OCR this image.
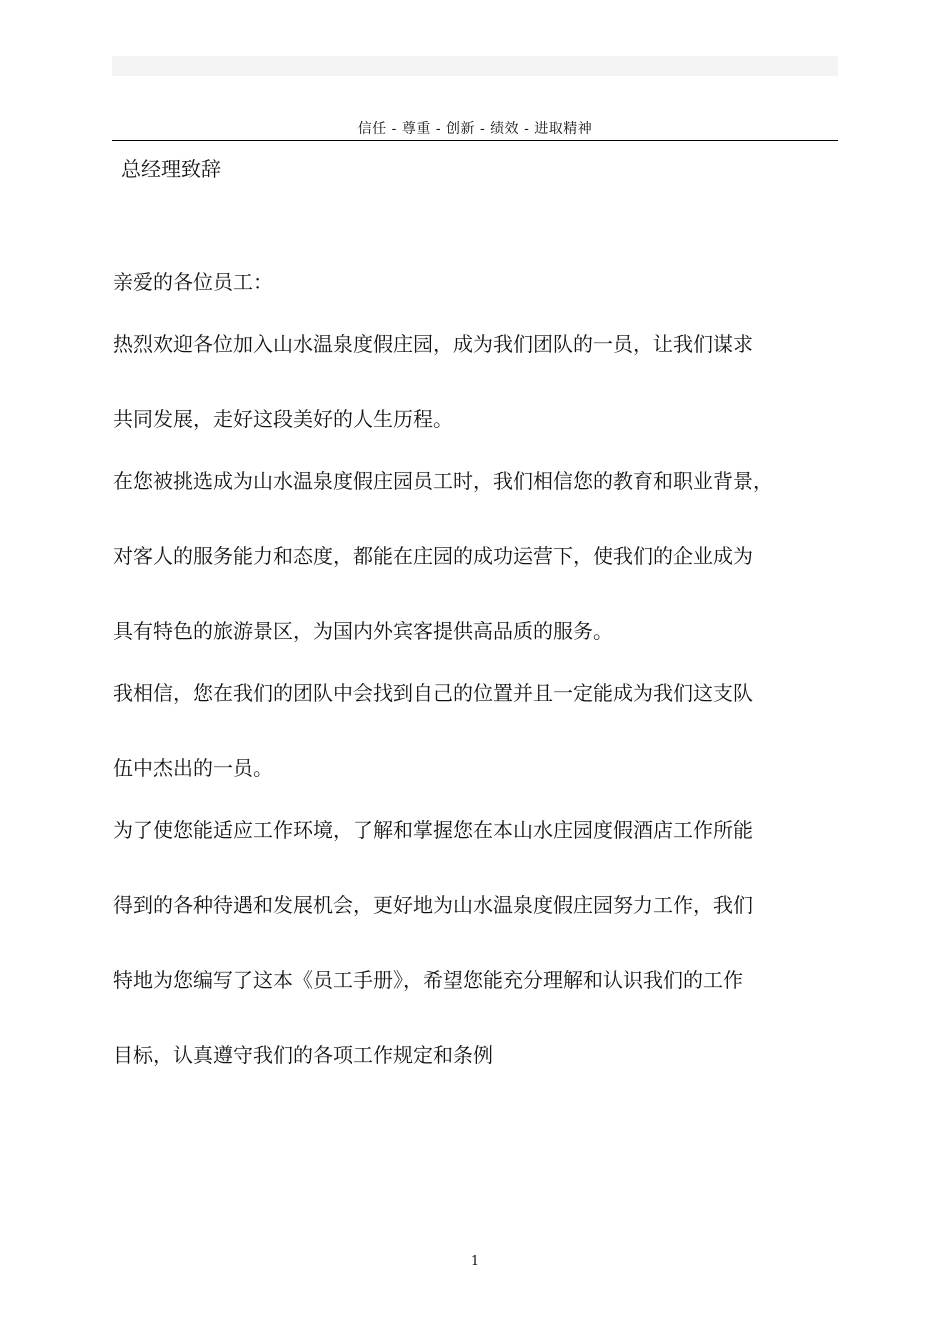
信任 - 尊重 - 创新 - 绩效 - 进取精神
总经理致辞

亲爱的各位员工：

热烈欢迎各位加入山水温泉度假庄园，成为我们团队的一员，让我们谋求

共同发展，走好这段美好的人生历程。

在您被挑选成为山水温泉度假庄园员工时，我们相信您的教育和职业背景，

对客人的服务能力和态度，都能在庄园的成功运营下，使我们的企业成为

具有特色的旅游景区，为国内外宾客提供高品质的服务。

我相信，您在我们的团队中会找到自己的位置并且一定能成为我们这支队

伍中杰出的一员。

为了使您能适应工作环境，了解和掌握您在本山水庄园度假酒店工作所能

得到的各种待遇和发展机会，更好地为山水温泉度假庄园努力工作，我们

特地为您编写了这本《员工手册》，希望您能充分理解和认识我们的工作

目标，认真遵守我们的各项工作规定和条例

1
